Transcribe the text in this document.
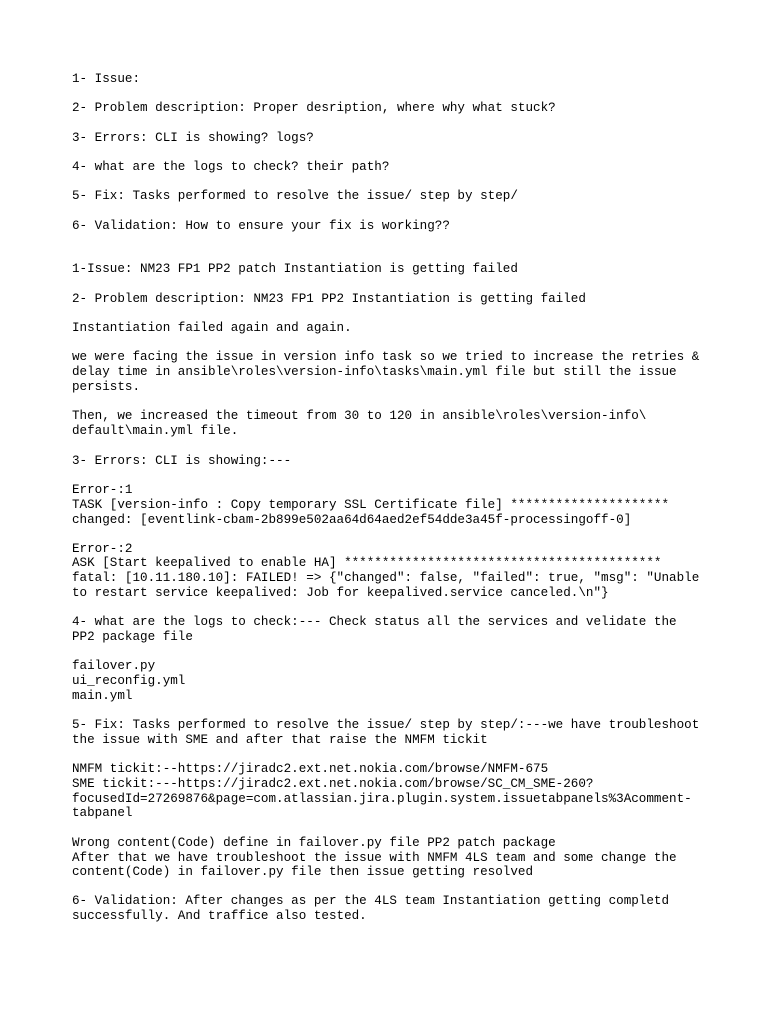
1- Issue:
2- Problem description: Proper desription, where why what stuck?
3- Errors: CLI is showing? logs?
4- what are the logs to check? their path?
5- Fix: Tasks performed to resolve the issue/ step by step/
6- Validation: How to ensure your fix is working??
1-Issue: NM23 FP1 PP2 patch Instantiation is getting failed
2- Problem description: NM23 FP1 PP2 Instantiation is getting failed
Instantiation failed again and again.
we were facing the issue in version info task so we tried to increase the retries &
delay time in ansible\roles\version-info\tasks\main.yml file but still the issue
persists.
Then, we increased the timeout from 30 to 120 in ansible\roles\version-info\
default\main.yml file.
3- Errors: CLI is showing:---
Error-:1
TASK [version-info : Copy temporary SSL Certificate file] *********************
changed: [eventlink-cbam-2b899e502aa64d64aed2ef54dde3a45f-processingoff-0]
Error-:2
ASK [Start keepalived to enable HA] ******************************************
fatal: [10.11.180.10]: FAILED! => {"changed": false, "failed": true, "msg": "Unable
to restart service keepalived: Job for keepalived.service canceled.\n"}
4- what are the logs to check:--- Check status all the services and velidate the
PP2 package file
failover.py
ui_reconfig.yml
main.yml
5- Fix: Tasks performed to resolve the issue/ step by step/:---we have troubleshoot
the issue with SME and after that raise the NMFM tickit
NMFM tickit:--https://jiradc2.ext.net.nokia.com/browse/NMFM-675
SME tickit:---https://jiradc2.ext.net.nokia.com/browse/SC_CM_SME-260?
focusedId=27269876&page=com.atlassian.jira.plugin.system.issuetabpanels%3Acomment-
tabpanel
Wrong content(Code) define in failover.py file PP2 patch package
After that we have troubleshoot the issue with NMFM 4LS team and some change the
content(Code) in failover.py file then issue getting resolved
6- Validation: After changes as per the 4LS team Instantiation getting completd
successfully. And traffice also tested.
